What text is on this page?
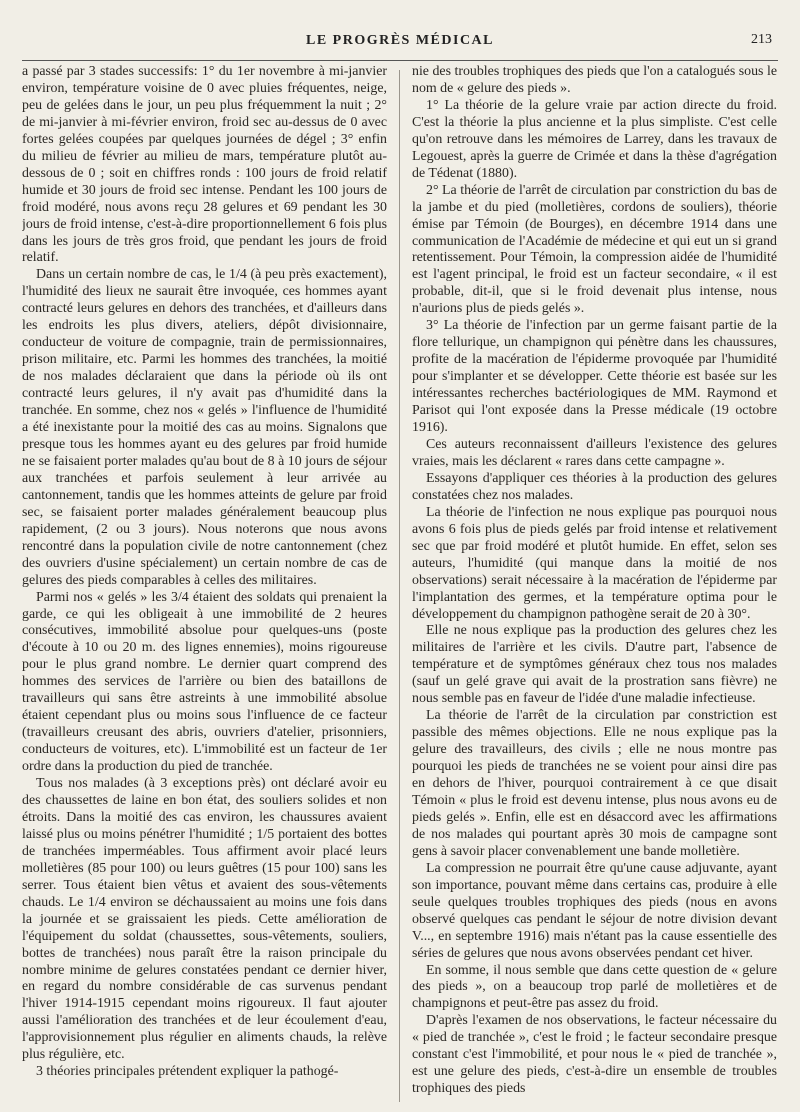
LE PROGRÈS MÉDICAL	213

a passé par 3 stades successifs: 1° du 1er novembre à mi-janvier environ, température voisine de 0 avec pluies fréquentes, neige, peu de gelées dans le jour, un peu plus fréquemment la nuit ; 2° de mi-janvier à mi-février environ, froid sec au-dessus de 0 avec fortes gelées coupées par quelques journées de dégel ; 3° enfin du milieu de février au milieu de mars, température plutôt au-dessous de 0 ; soit en chiffres ronds : 100 jours de froid relatif humide et 30 jours de froid sec intense. Pendant les 100 jours de froid modéré, nous avons reçu 28 gelures et 69 pendant les 30 jours de froid intense, c'est-à-dire proportionnellement 6 fois plus dans les jours de très gros froid, que pendant les jours de froid relatif.

Dans un certain nombre de cas, le 1/4 (à peu près exactement), l'humidité des lieux ne saurait être invoquée, ces hommes ayant contracté leurs gelures en dehors des tranchées, et d'ailleurs dans les endroits les plus divers, ateliers, dépôt divisionnaire, conducteur de voiture de compagnie, train de permissionnaires, prison militaire, etc. Parmi les hommes des tranchées, la moitié de nos malades déclaraient que dans la période où ils ont contracté leurs gelures, il n'y avait pas d'humidité dans la tranchée. En somme, chez nos « gelés » l'influence de l'humidité a été inexistante pour la moitié des cas au moins. Signalons que presque tous les hommes ayant eu des gelures par froid humide ne se faisaient porter malades qu'au bout de 8 à 10 jours de séjour aux tranchées et parfois seulement à leur arrivée au cantonnement, tandis que les hommes atteints de gelure par froid sec, se faisaient porter malades généralement beaucoup plus rapidement, (2 ou 3 jours). Nous noterons que nous avons rencontré dans la population civile de notre cantonnement (chez des ouvriers d'usine spécialement) un certain nombre de cas de gelures des pieds comparables à celles des militaires.

Parmi nos « gelés » les 3/4 étaient des soldats qui prenaient la garde, ce qui les obligeait à une immobilité de 2 heures consécutives, immobilité absolue pour quelques-uns (poste d'écoute à 10 ou 20 m. des lignes ennemies), moins rigoureuse pour le plus grand nombre. Le dernier quart comprend des hommes des services de l'arrière ou bien des bataillons de travailleurs qui sans être astreints à une immobilité absolue étaient cependant plus ou moins sous l'influence de ce facteur (travailleurs creusant des abris, ouvriers d'atelier, prisonniers, conducteurs de voitures, etc). L'immobilité est un facteur de 1er ordre dans la production du pied de tranchée.

Tous nos malades (à 3 exceptions près) ont déclaré avoir eu des chaussettes de laine en bon état, des souliers solides et non étroits. Dans la moitié des cas environ, les chaussures avaient laissé plus ou moins pénétrer l'humidité ; 1/5 portaient des bottes de tranchées imperméables. Tous affirment avoir placé leurs molletières (85 pour 100) ou leurs guêtres (15 pour 100) sans les serrer. Tous étaient bien vêtus et avaient des sous-vêtements chauds. Le 1/4 environ se déchaussaient au moins une fois dans la journée et se graissaient les pieds. Cette amélioration de l'équipement du soldat (chaussettes, sous-vêtements, souliers, bottes de tranchées) nous paraît être la raison principale du nombre minime de gelures constatées pendant ce dernier hiver, en regard du nombre considérable de cas survenus pendant l'hiver 1914-1915 cependant moins rigoureux. Il faut ajouter aussi l'amélioration des tranchées et de leur écoulement d'eau, l'approvisionnement plus régulier en aliments chauds, la relève plus régulière, etc.

3 théories principales prétendent expliquer la pathogé-

nie des troubles trophiques des pieds que l'on a catalogués sous le nom de « gelure des pieds ».

1° La théorie de la gelure vraie par action directe du froid. C'est la théorie la plus ancienne et la plus simpliste. C'est celle qu'on retrouve dans les mémoires de Larrey, dans les travaux de Legouest, après la guerre de Crimée et dans la thèse d'agrégation de Tédenat (1880).

2° La théorie de l'arrêt de circulation par constriction du bas de la jambe et du pied (molletières, cordons de souliers), théorie émise par Témoin (de Bourges), en décembre 1914 dans une communication de l'Académie de médecine et qui eut un si grand retentissement. Pour Témoin, la compression aidée de l'humidité est l'agent principal, le froid est un facteur secondaire, « il est probable, dit-il, que si le froid devenait plus intense, nous n'aurions plus de pieds gelés ».

3° La théorie de l'infection par un germe faisant partie de la flore tellurique, un champignon qui pénètre dans les chaussures, profite de la macération de l'épiderme provoquée par l'humidité pour s'implanter et se développer. Cette théorie est basée sur les intéressantes recherches bactériologiques de MM. Raymond et Parisot qui l'ont exposée dans la Presse médicale (19 octobre 1916).

Ces auteurs reconnaissent d'ailleurs l'existence des gelures vraies, mais les déclarent « rares dans cette campagne ».

Essayons d'appliquer ces théories à la production des gelures constatées chez nos malades.

La théorie de l'infection ne nous explique pas pourquoi nous avons 6 fois plus de pieds gelés par froid intense et relativement sec que par froid modéré et plutôt humide. En effet, selon ses auteurs, l'humidité (qui manque dans la moitié de nos observations) serait nécessaire à la macération de l'épiderme par l'implantation des germes, et la température optima pour le développement du champignon pathogène serait de 20 à 30°.

Elle ne nous explique pas la production des gelures chez les militaires de l'arrière et les civils. D'autre part, l'absence de température et de symptômes généraux chez tous nos malades (sauf un gelé grave qui avait de la prostration sans fièvre) ne nous semble pas en faveur de l'idée d'une maladie infectieuse.

La théorie de l'arrêt de la circulation par constriction est passible des mêmes objections. Elle ne nous explique pas la gelure des travailleurs, des civils ; elle ne nous montre pas pourquoi les pieds de tranchées ne se voient pour ainsi dire pas en dehors de l'hiver, pourquoi contrairement à ce que disait Témoin « plus le froid est devenu intense, plus nous avons eu de pieds gelés ». Enfin, elle est en désaccord avec les affirmations de nos malades qui pourtant après 30 mois de campagne sont gens à savoir placer convenablement une bande molletière.

La compression ne pourrait être qu'une cause adjuvante, ayant son importance, pouvant même dans certains cas, produire à elle seule quelques troubles trophiques des pieds (nous en avons observé quelques cas pendant le séjour de notre division devant V..., en septembre 1916) mais n'étant pas la cause essentielle des séries de gelures que nous avons observées pendant cet hiver.

En somme, il nous semble que dans cette question de « gelure des pieds », on a beaucoup trop parlé de molletières et de champignons et peut-être pas assez du froid.

D'après l'examen de nos observations, le facteur nécessaire du « pied de tranchée », c'est le froid ; le facteur secondaire presque constant c'est l'immobilité, et pour nous le « pied de tranchée », est une gelure des pieds, c'est-à-dire un ensemble de troubles trophiques des pieds
